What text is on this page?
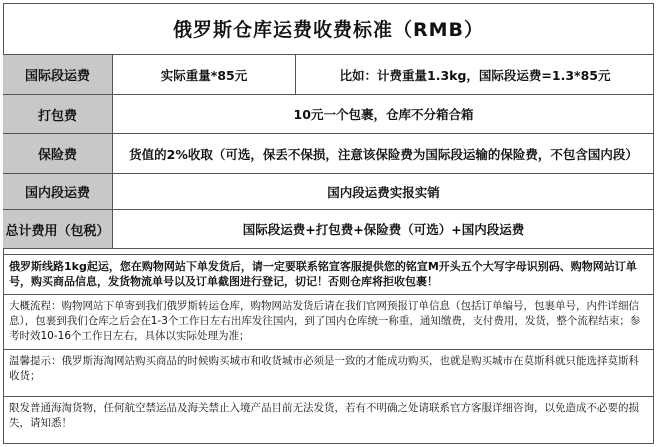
俄罗斯仓库运费收费标准（RMB）
国际段运费	实际重量*85元	比如：计费重量1.3kg，国际段运费=1.3*85元
打包费	10元一个包裹，仓库不分箱合箱
保险费	货值的2%收取（可选，保丢不保损，注意该保险费为国际段运输的保险费，不包含国内段）
国内段运费	国内段运费实报实销
总计费用（包税）	国际段运费+打包费+保险费（可选）+国内段运费
俄罗斯线路1kg起运，您在购物网站下单发货后，请一定要联系铭宣客服提供您的铭宣M开头五个大写字母识别码、购物网站订单号，购买商品信息，发货物流单号以及订单截图进行登记，切记！否则仓库将拒收包裹！
大概流程：购物网站下单寄到我们俄罗斯转运仓库，购物网站发货后请在我们官网预报订单信息（包括订单编号，包裹单号，内件详细信息），包裹到我们仓库之后会在1-3个工作日左右出库发往国内，到了国内仓库统一称重，通知缴费，支付费用，发货，整个流程结束；参考时效10-16个工作日左右，具体以实际处理为准；
温馨提示：俄罗斯海淘网站购买商品的时候购买城市和收货城市必须是一致的才能成功购买，也就是购买城市在莫斯科就只能选择莫斯科收货；
限发普通海淘货物，任何航空禁运品及海关禁止入境产品目前无法发货，若有不明确之处请联系官方客服详细咨询，以免造成不必要的损失，请知悉！
